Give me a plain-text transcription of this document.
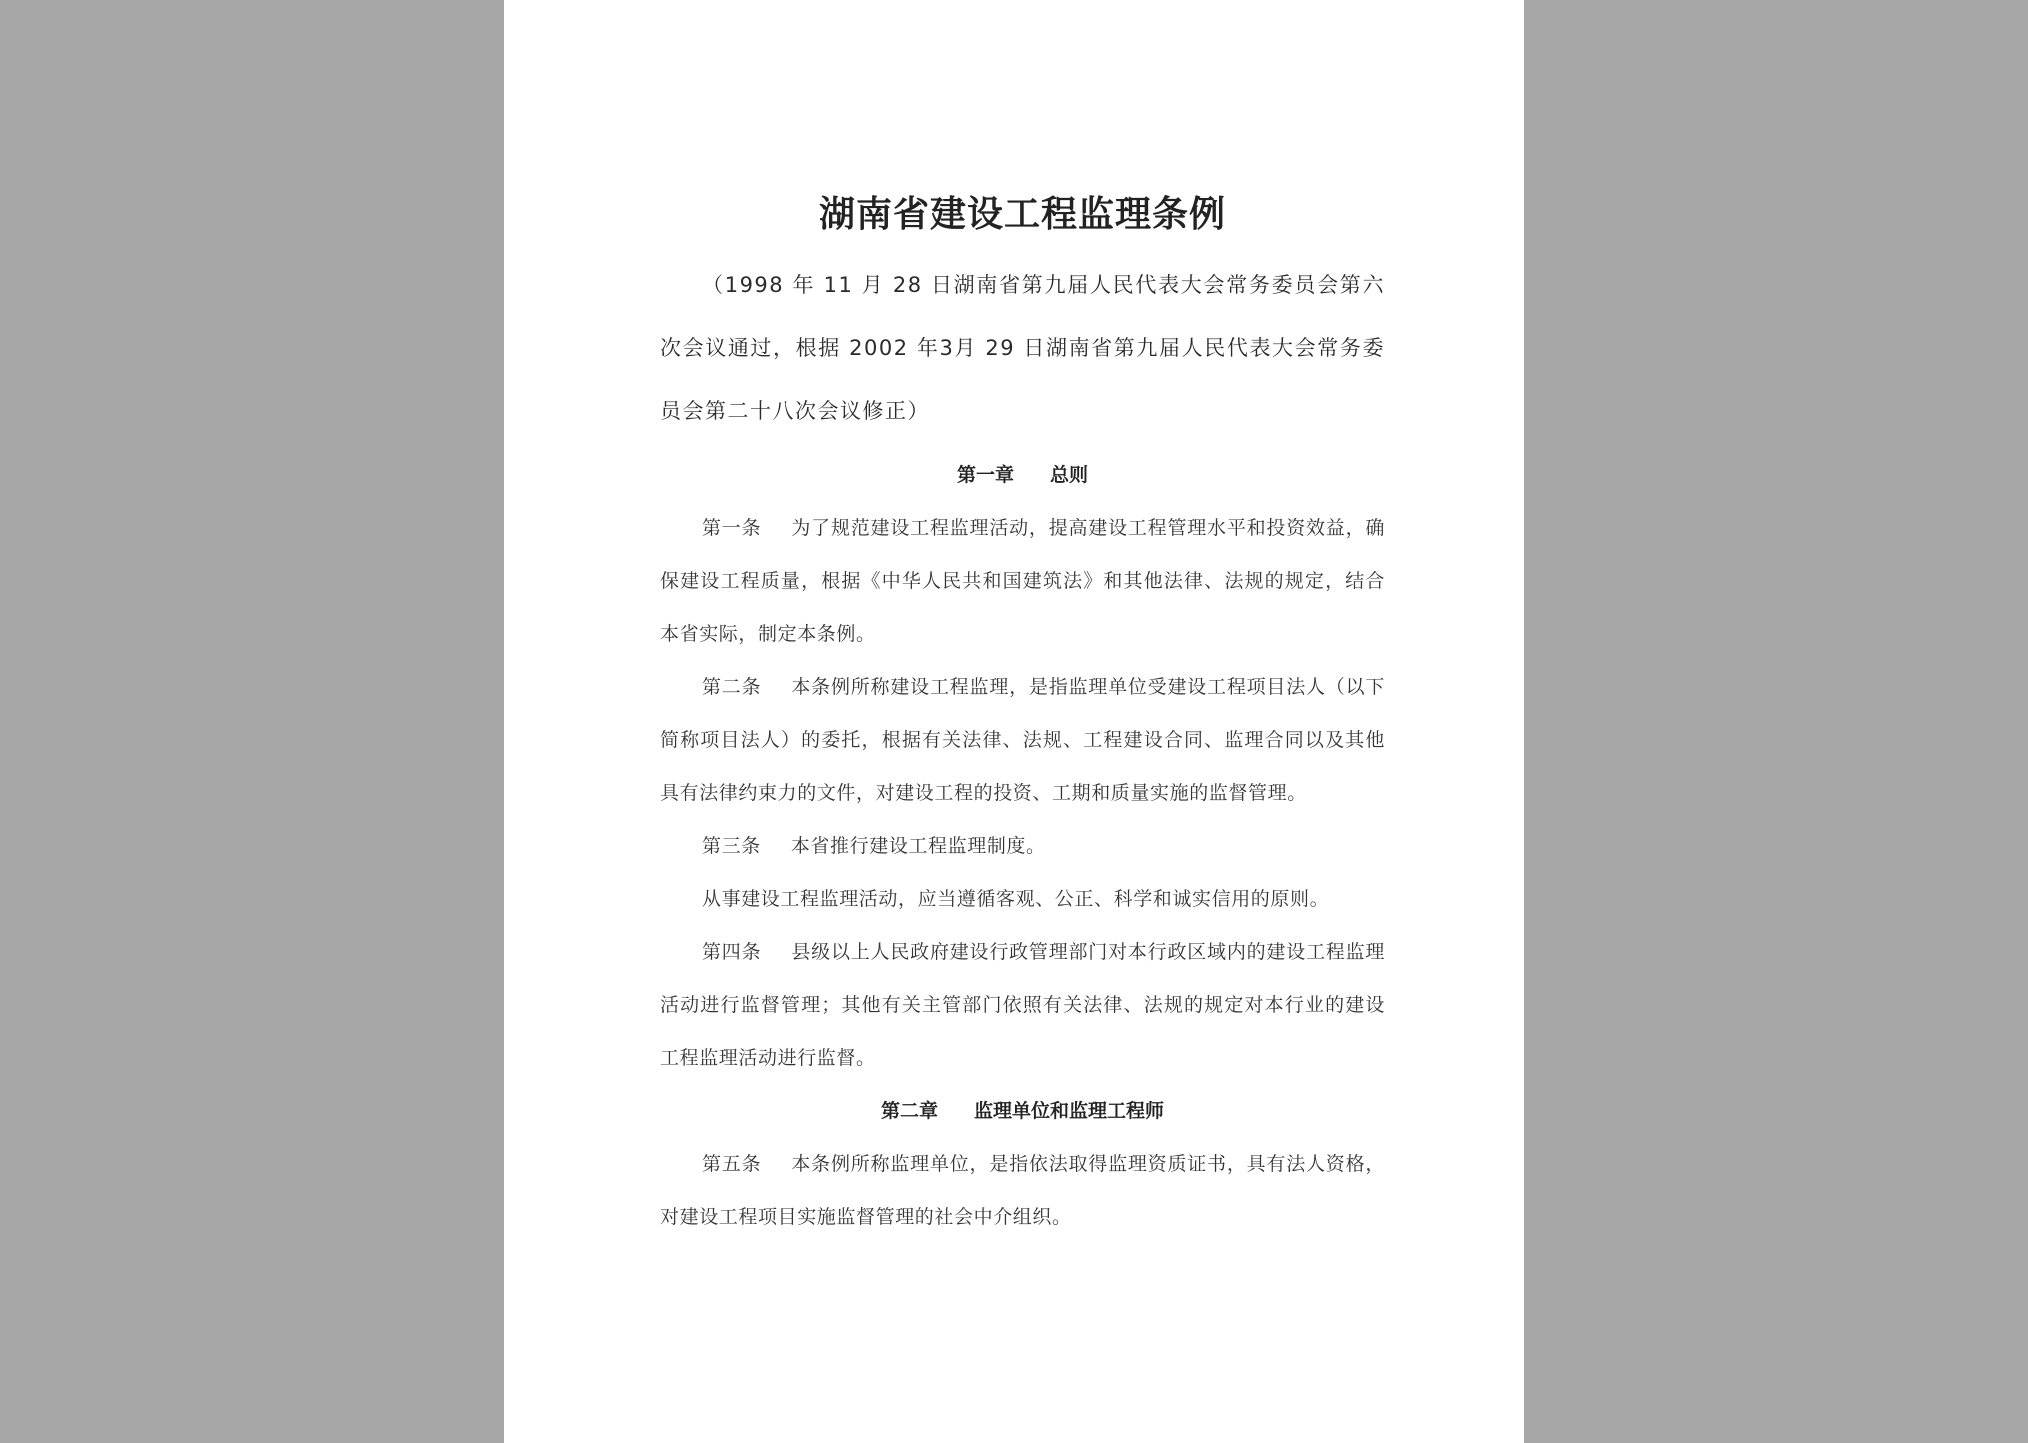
湖南省建设工程监理条例
（1998 年 11 月 28 日湖南省第九届人民代表大会常务委员会第六次会议通过，根据 2002 年3月 29 日湖南省第九届人民代表大会常务委员会第二十八次会议修正）
第一章 总则
第一条 为了规范建设工程监理活动，提高建设工程管理水平和投资效益，确保建设工程质量，根据《中华人民共和国建筑法》和其他法律、法规的规定，结合本省实际，制定本条例。
第二条 本条例所称建设工程监理，是指监理单位受建设工程项目法人（以下简称项目法人）的委托，根据有关法律、法规、工程建设合同、监理合同以及其他具有法律约束力的文件，对建设工程的投资、工期和质量实施的监督管理。
第三条 本省推行建设工程监理制度。
从事建设工程监理活动，应当遵循客观、公正、科学和诚实信用的原则。
第四条 县级以上人民政府建设行政管理部门对本行政区域内的建设工程监理活动进行监督管理；其他有关主管部门依照有关法律、法规的规定对本行业的建设工程监理活动进行监督。
第二章 监理单位和监理工程师
第五条 本条例所称监理单位，是指依法取得监理资质证书，具有法人资格，对建设工程项目实施监督管理的社会中介组织。
